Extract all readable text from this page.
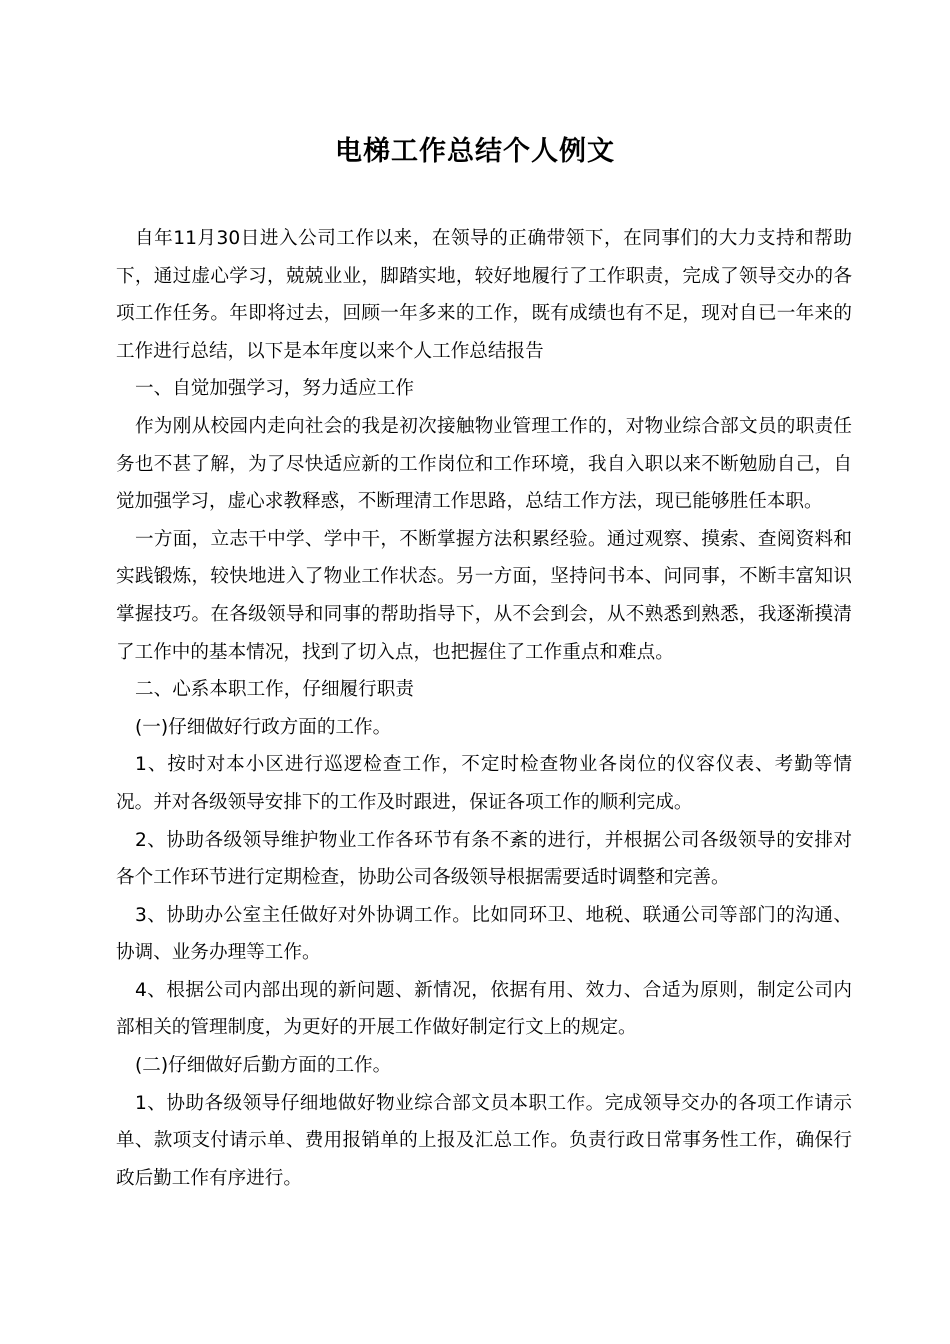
电梯工作总结个人例文

自年11月30日进入公司工作以来，在领导的正确带领下，在同事们的大力支持和帮助下，通过虚心学习，兢兢业业，脚踏实地，较好地履行了工作职责，完成了领导交办的各项工作任务。年即将过去，回顾一年多来的工作，既有成绩也有不足，现对自已一年来的工作进行总结，以下是本年度以来个人工作总结报告

一、自觉加强学习，努力适应工作

作为刚从校园内走向社会的我是初次接触物业管理工作的，对物业综合部文员的职责任务也不甚了解，为了尽快适应新的工作岗位和工作环境，我自入职以来不断勉励自己，自觉加强学习，虚心求教释惑，不断理清工作思路，总结工作方法，现已能够胜任本职。

一方面，立志干中学、学中干，不断掌握方法积累经验。通过观察、摸索、查阅资料和实践锻炼，较快地进入了物业工作状态。另一方面，坚持问书本、问同事，不断丰富知识掌握技巧。在各级领导和同事的帮助指导下，从不会到会，从不熟悉到熟悉，我逐渐摸清了工作中的基本情况，找到了切入点，也把握住了工作重点和难点。

二、心系本职工作，仔细履行职责

(一)仔细做好行政方面的工作。

1、按时对本小区进行巡逻检查工作，不定时检查物业各岗位的仪容仪表、考勤等情况。并对各级领导安排下的工作及时跟进，保证各项工作的顺利完成。

2、协助各级领导维护物业工作各环节有条不紊的进行，并根据公司各级领导的安排对各个工作环节进行定期检查，协助公司各级领导根据需要适时调整和完善。

3、协助办公室主任做好对外协调工作。比如同环卫、地税、联通公司等部门的沟通、协调、业务办理等工作。

4、根据公司内部出现的新问题、新情况，依据有用、效力、合适为原则，制定公司内部相关的管理制度，为更好的开展工作做好制定行文上的规定。

(二)仔细做好后勤方面的工作。

1、协助各级领导仔细地做好物业综合部文员本职工作。完成领导交办的各项工作请示单、款项支付请示单、费用报销单的上报及汇总工作。负责行政日常事务性工作，确保行政后勤工作有序进行。
